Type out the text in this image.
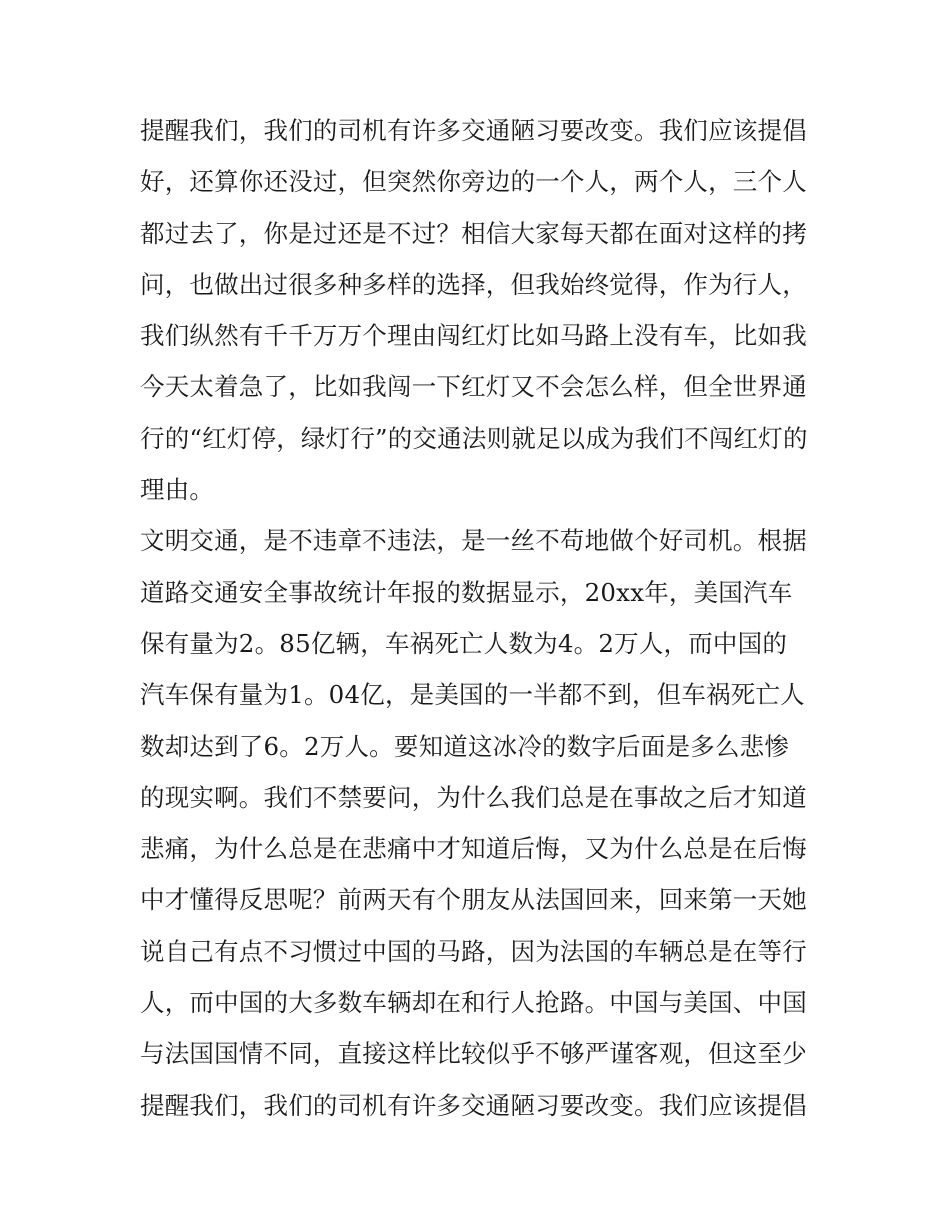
提醒我们，我们的司机有许多交通陋习要改变。我们应该提倡
好，还算你还没过，但突然你旁边的一个人，两个人，三个人
都过去了，你是过还是不过？相信大家每天都在面对这样的拷
问，也做出过很多种多样的选择，但我始终觉得，作为行人，
我们纵然有千千万万个理由闯红灯比如马路上没有车，比如我
今天太着急了，比如我闯一下红灯又不会怎么样，但全世界通
行的“红灯停，绿灯行”的交通法则就足以成为我们不闯红灯的
理由。
文明交通，是不违章不违法，是一丝不苟地做个好司机。根据
道路交通安全事故统计年报的数据显示，20xx年，美国汽车
保有量为2。85亿辆，车祸死亡人数为4。2万人，而中国的
汽车保有量为1。04亿，是美国的一半都不到，但车祸死亡人
数却达到了6。2万人。要知道这冰冷的数字后面是多么悲惨
的现实啊。我们不禁要问，为什么我们总是在事故之后才知道
悲痛，为什么总是在悲痛中才知道后悔，又为什么总是在后悔
中才懂得反思呢？前两天有个朋友从法国回来，回来第一天她
说自己有点不习惯过中国的马路，因为法国的车辆总是在等行
人，而中国的大多数车辆却在和行人抢路。中国与美国、中国
与法国国情不同，直接这样比较似乎不够严谨客观，但这至少
提醒我们，我们的司机有许多交通陋习要改变。我们应该提倡
